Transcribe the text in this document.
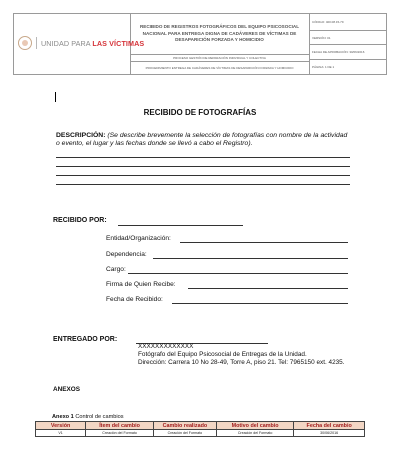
UNIDAD PARA LAS VÍCTIMAS
RECIBIDO DE REGISTROS FOTOGRÁFICOS DEL EQUIPO PSICOSOCIAL NACIONAL PARA ENTREGA DIGNA DE CADÁVERES DE VÍCTIMAS DE DESAPARICIÓN FORZADA Y HOMICIDIO
PROCESO GESTIÓN DE REPARACIÓN INDIVIDUAL Y COLECTIVA
PROCEDIMIENTO ENTREGA DE CADÁVERES DE VÍCTIMAS DE DESAPARICIÓN FORZADA Y HOMICIDIO
CÓDIGO: 400.08.15-79
VERSIÓN: 01
FECHA DE APROBACIÓN: 30/06/2016
PÁGINA: 1 DE 1
RECIBIDO DE FOTOGRAFÍAS
DESCRIPCIÓN: (Se describe brevemente la selección de fotografías con nombre de la actividad o evento, el lugar y las fechas donde se llevó a cabo el Registro).
RECIBIDO POR:
Entidad/Organización:
Dependencia:
Cargo:
Firma de Quien Recibe:
Fecha de Recibido:
ENTREGADO POR:
XXXXXXXXXXXXX
Fotógrafo del Equipo Psicosocial de Entregas de la Unidad.
Dirección: Carrera 10 No 28-49, Torre A, piso 21. Tel: 7965150 ext. 4235.
ANEXOS
Anexo 1 Control de cambios
Versión	Ítem del cambio	Cambio realizado	Motivo del cambio	Fecha del cambio
V1	Creación del Formato	Creación del Formato	Creación del Formato	30/06/2016
